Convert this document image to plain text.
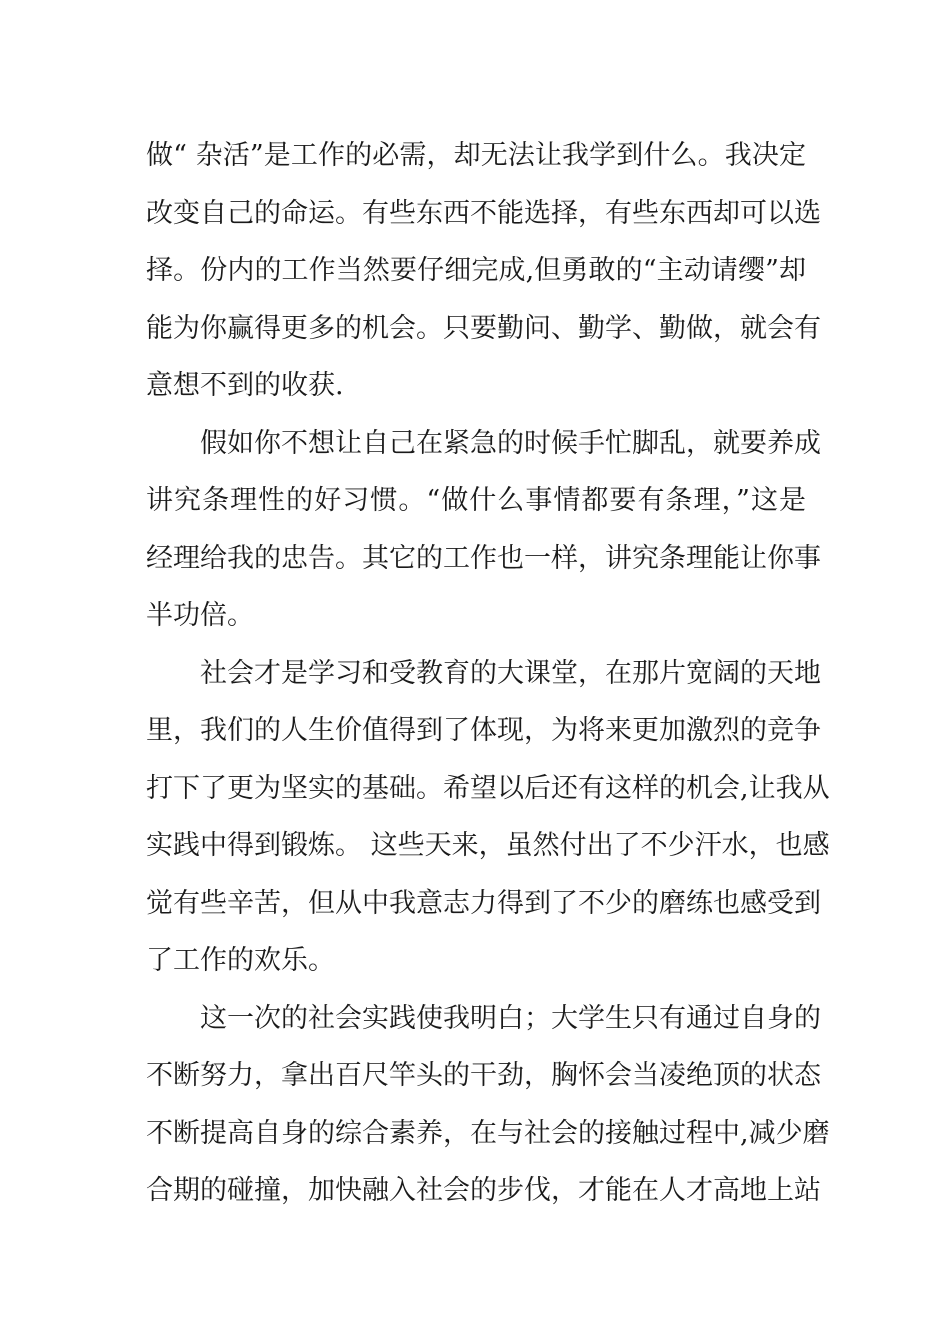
做“ 杂活”是工作的必需，却无法让我学到什么。我决定
改变自己的命运。有些东西不能选择，有些东西却可以选
择。份内的工作当然要仔细完成,但勇敢的“主动请缨”却
能为你赢得更多的机会。只要勤问、勤学、勤做，就会有
意想不到的收获.
假如你不想让自己在紧急的时候手忙脚乱，就要养成
讲究条理性的好习惯。“做什么事情都要有条理，”这是
经理给我的忠告。其它的工作也一样，讲究条理能让你事
半功倍。
社会才是学习和受教育的大课堂，在那片宽阔的天地
里，我们的人生价值得到了体现，为将来更加激烈的竞争
打下了更为坚实的基础。希望以后还有这样的机会,让我从
实践中得到锻炼。 这些天来，虽然付出了不少汗水，也感
觉有些辛苦，但从中我意志力得到了不少的磨练也感受到
了工作的欢乐。
这一次的社会实践使我明白；大学生只有通过自身的
不断努力，拿出百尺竿头的干劲，胸怀会当凌绝顶的状态
不断提高自身的综合素养，在与社会的接触过程中,减少磨
合期的碰撞，加快融入社会的步伐，才能在人才高地上站
